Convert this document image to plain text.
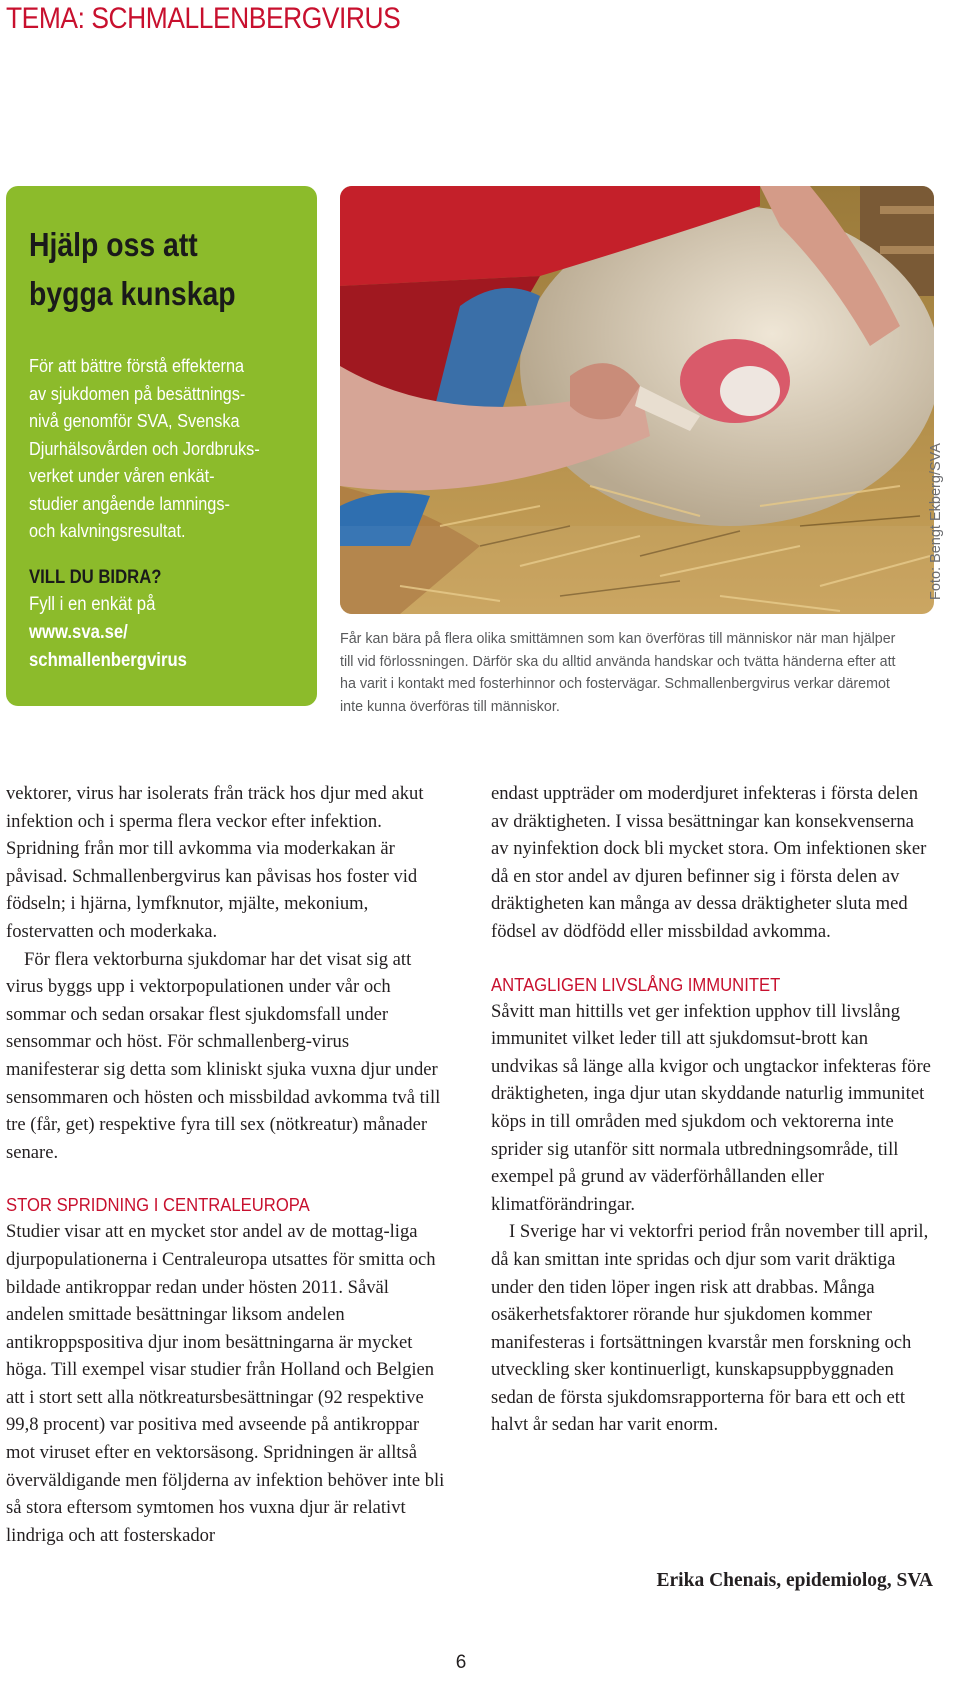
TEMA: SCHMALLENBERGVIRUS
Hjälp oss att
bygga kunskap
För att bättre förstå effekterna
av sjukdomen på besättnings-
nivå genomför SVA, Svenska
Djurhälsovården och Jordbruks-
verket under våren enkät-
studier angående lamnings-
och kalvningsresultat.
VILL DU BIDRA?
Fyll i en enkät på
www.sva.se/
schmallenbergvirus
Foto: Bengt Ekberg/SVA
Får kan bära på flera olika smittämnen som kan överföras till människor när man hjälper till vid förlossningen. Därför ska du alltid använda handskar och tvätta händerna efter att ha varit i kontakt med fosterhinnor och fostervägar. Schmallenbergvirus verkar däremot inte kunna överföras till människor.

vektorer, virus har isolerats från träck hos djur med akut infektion och i sperma flera veckor efter infektion. Spridning från mor till avkomma via moderkakan är påvisad. Schmallenbergvirus kan påvisas hos foster vid födseln; i hjärna, lymfknutor, mjälte, mekonium, fostervatten och moderkaka.

För flera vektorburna sjukdomar har det visat sig att virus byggs upp i vektorpopulationen under vår och sommar och sedan orsakar flest sjukdomsfall under sensommar och höst. För schmallenberg-virus manifesterar sig detta som kliniskt sjuka vuxna djur under sensommaren och hösten och missbildad avkomma två till tre (får, get) respektive fyra till sex (nötkreatur) månader senare.

STOR SPRIDNING I CENTRALEUROPA

Studier visar att en mycket stor andel av de mottag-liga djurpopulationerna i Centraleuropa utsattes för smitta och bildade antikroppar redan under hösten 2011. Såväl andelen smittade besättningar liksom andelen antikroppspositiva djur inom besättningarna är mycket höga. Till exempel visar studier från Holland och Belgien att i stort sett alla nötkreatursbesättningar (92 respektive 99,8 procent) var positiva med avseende på antikroppar mot viruset efter en vektorsäsong. Spridningen är alltså överväldigande men följderna av infektion behöver inte bli så stora eftersom symtomen hos vuxna djur är relativt lindriga och att fosterskador

endast uppträder om moderdjuret infekteras i första delen av dräktigheten. I vissa besättningar kan konsekvenserna av nyinfektion dock bli mycket stora. Om infektionen sker då en stor andel av djuren befinner sig i första delen av dräktigheten kan många av dessa dräktigheter sluta med födsel av dödfödd eller missbildad avkomma.

ANTAGLIGEN LIVSLÅNG IMMUNITET

Såvitt man hittills vet ger infektion upphov till livslång immunitet vilket leder till att sjukdomsut-brott kan undvikas så länge alla kvigor och ungtackor infekteras före dräktigheten, inga djur utan skyddande naturlig immunitet köps in till områden med sjukdom och vektorerna inte sprider sig utanför sitt normala utbredningsområde, till exempel på grund av väderförhållanden eller klimatförändringar.

I Sverige har vi vektorfri period från november till april, då kan smittan inte spridas och djur som varit dräktiga under den tiden löper ingen risk att drabbas. Många osäkerhetsfaktorer rörande hur sjukdomen kommer manifesteras i fortsättningen kvarstår men forskning och utveckling sker kontinuerligt, kunskapsuppbyggnaden sedan de första sjukdomsrapporterna för bara ett och ett halvt år sedan har varit enorm.

Erika Chenais, epidemiolog, SVA
6
